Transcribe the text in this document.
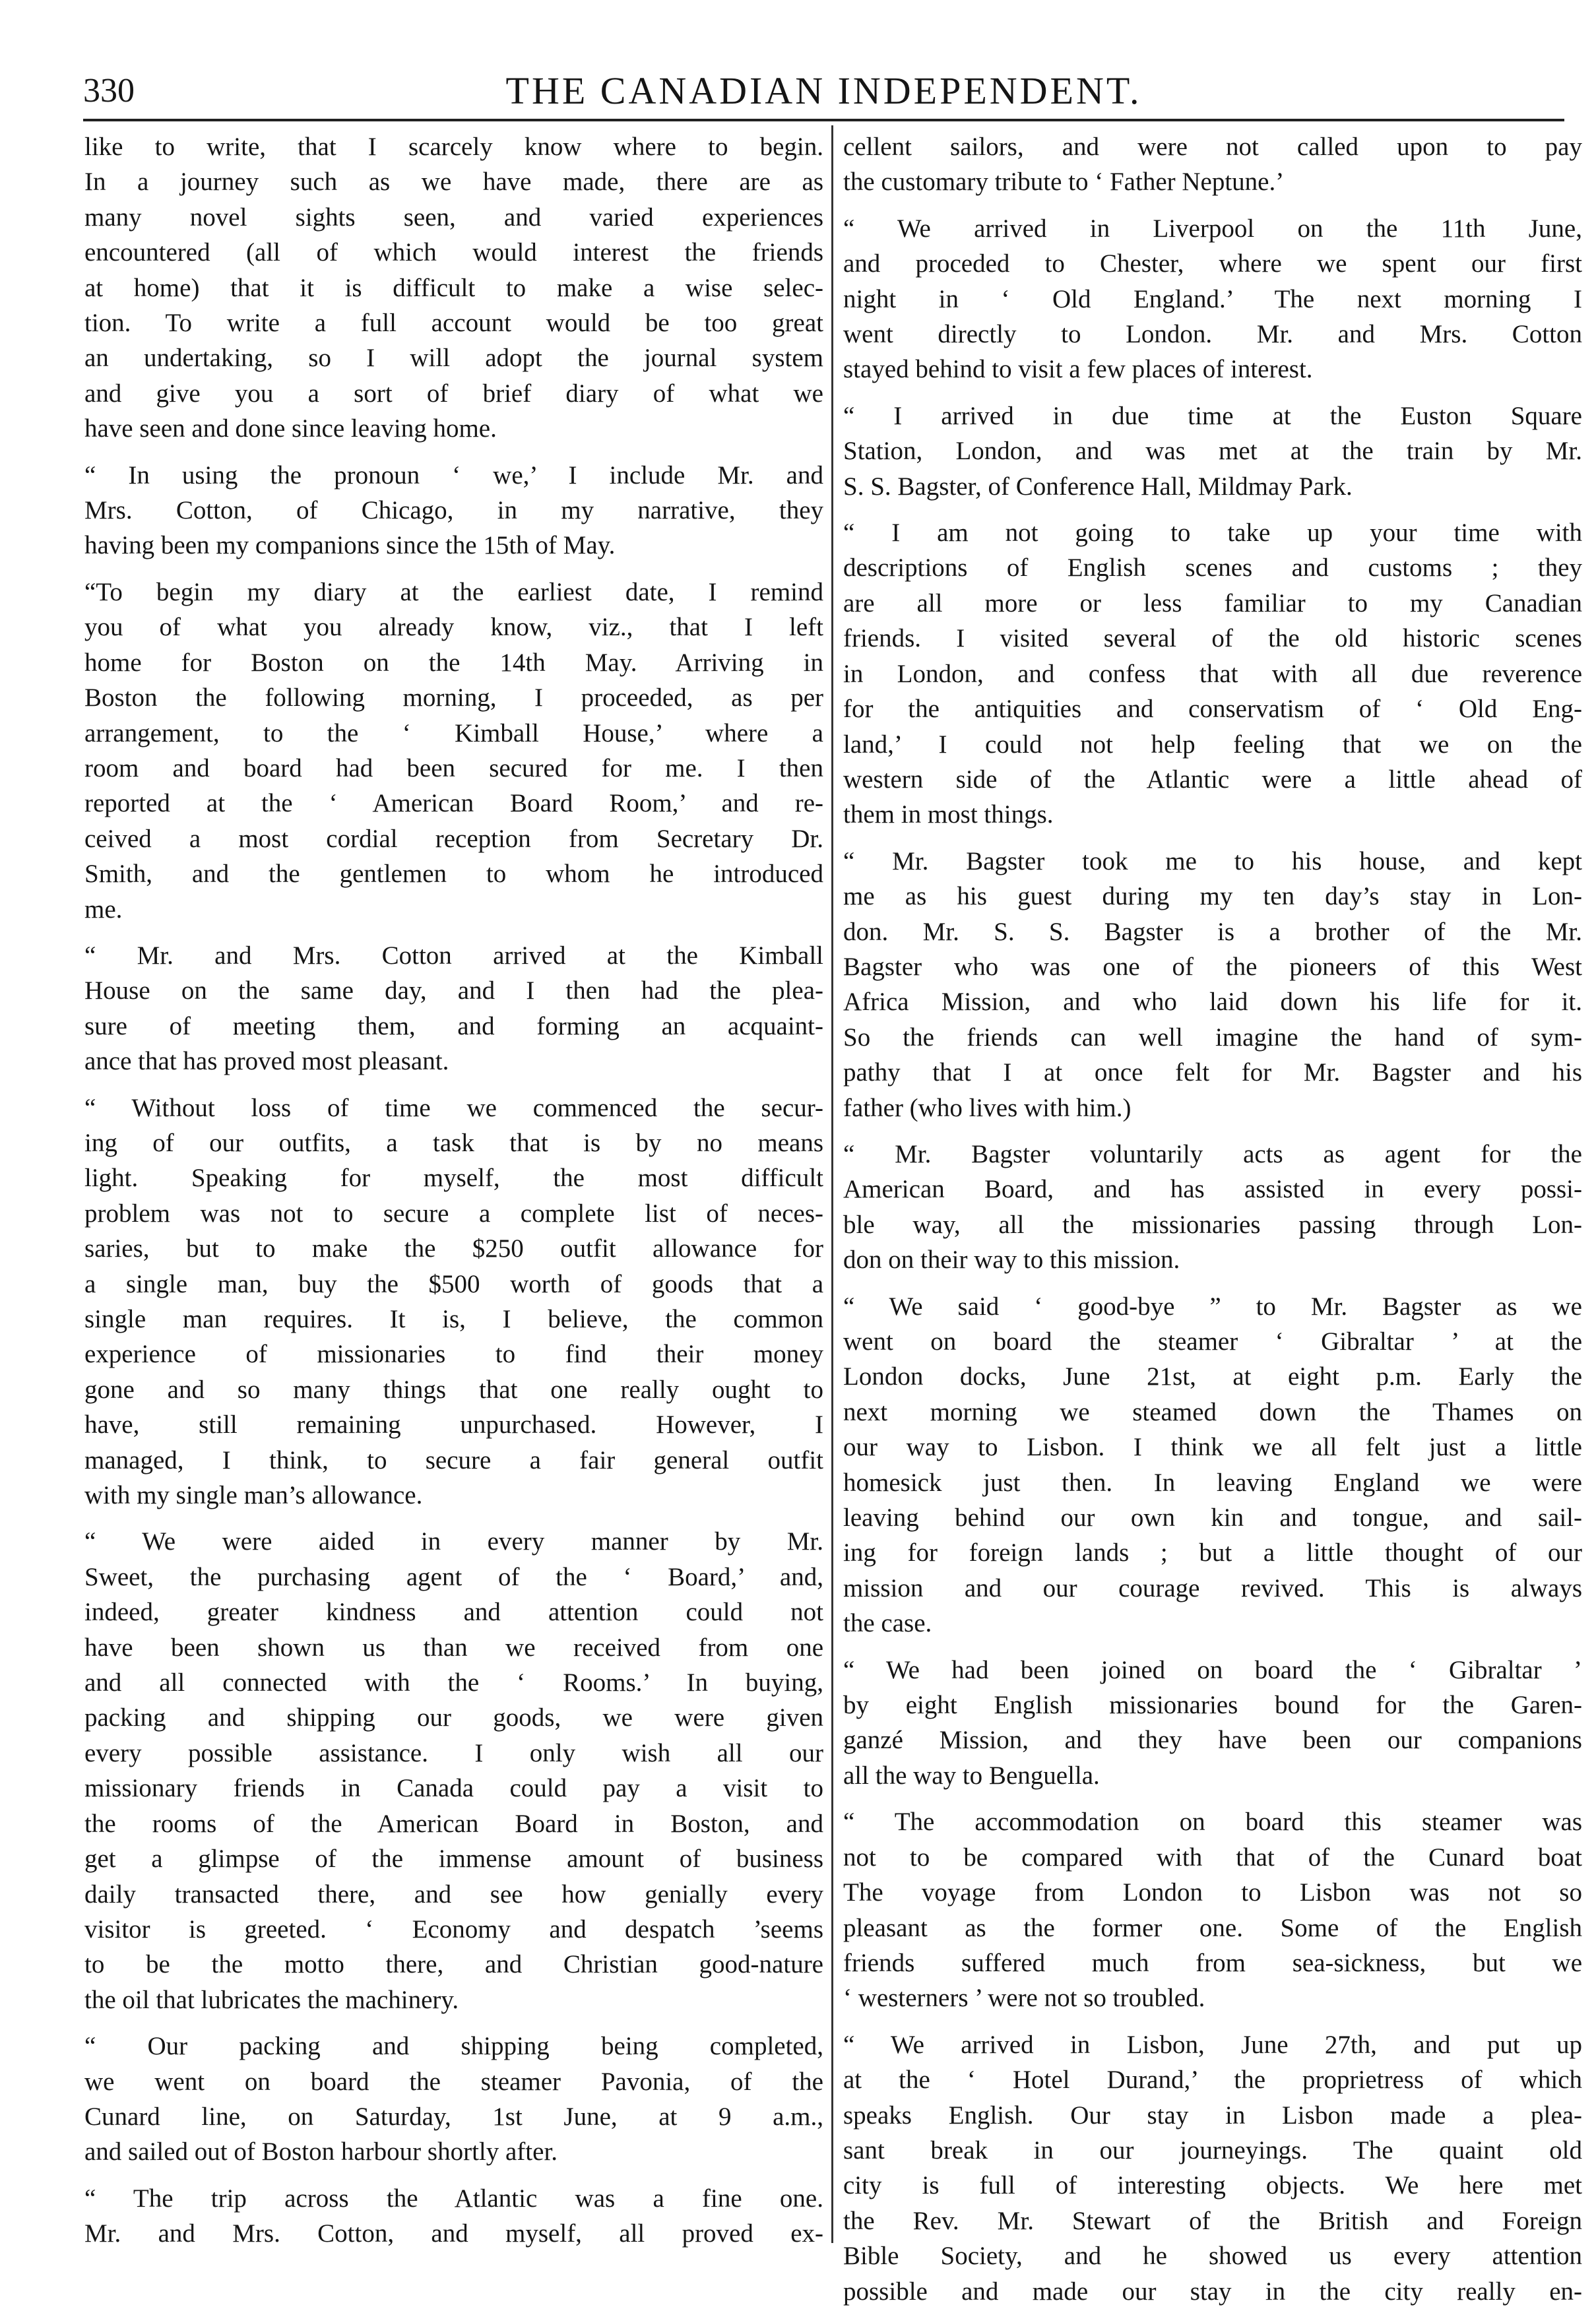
330	THE CANADIAN INDEPENDENT.
like to write, that I scarcely know where to begin.
In a journey such as we have made, there are as
many novel sights seen, and varied experiences
encountered (all of which would interest the friends
at home) that it is difficult to make a wise selec-
tion. To write a full account would be too great
an undertaking, so I will adopt the journal system
and give you a sort of brief diary of what we
have seen and done since leaving home.
“ In using the pronoun ‘ we,’ I include Mr. and
Mrs. Cotton, of Chicago, in my narrative, they
having been my companions since the 15th of May.
“To begin my diary at the earliest date, I remind
you of what you already know, viz., that I left
home for Boston on the 14th May. Arriving in
Boston the following morning, I proceeded, as per
arrangement, to the ‘ Kimball House,’ where a
room and board had been secured for me. I then
reported at the ‘ American Board Room,’ and re-
ceived a most cordial reception from Secretary Dr.
Smith, and the gentlemen to whom he introduced
me.
“ Mr. and Mrs. Cotton arrived at the Kimball
House on the same day, and I then had the plea-
sure of meeting them, and forming an acquaint-
ance that has proved most pleasant.
“ Without loss of time we commenced the secur-
ing of our outfits, a task that is by no means
light. Speaking for myself, the most difficult
problem was not to secure a complete list of neces-
saries, but to make the $250 outfit allowance for
a single man, buy the $500 worth of goods that a
single man requires. It is, I believe, the common
experience of missionaries to find their money
gone and so many things that one really ought to
have, still remaining unpurchased. However, I
managed, I think, to secure a fair general outfit
with my single man’s allowance.
“ We were aided in every manner by Mr.
Sweet, the purchasing agent of the ‘ Board,’ and,
indeed, greater kindness and attention could not
have been shown us than we received from one
and all connected with the ‘ Rooms.’ In buying,
packing and shipping our goods, we were given
every possible assistance. I only wish all our
missionary friends in Canada could pay a visit to
the rooms of the American Board in Boston, and
get a glimpse of the immense amount of business
daily transacted there, and see how genially every
visitor is greeted. ‘ Economy and despatch ’seems
to be the motto there, and Christian good-nature
the oil that lubricates the machinery.
“ Our packing and shipping being completed,
we went on board the steamer Pavonia, of the
Cunard line, on Saturday, 1st June, at 9 a.m.,
and sailed out of Boston harbour shortly after.
“ The trip across the Atlantic was a fine one.
Mr. and Mrs. Cotton, and myself, all proved ex-
cellent sailors, and were not called upon to pay
the customary tribute to ‘ Father Neptune.’
“ We arrived in Liverpool on the 11th June,
and proceded to Chester, where we spent our first
night in ‘ Old England.’ The next morning I
went directly to London. Mr. and Mrs. Cotton
stayed behind to visit a few places of interest.
“ I arrived in due time at the Euston Square
Station, London, and was met at the train by Mr.
S. S. Bagster, of Conference Hall, Mildmay Park.
“ I am not going to take up your time with
descriptions of English scenes and customs ; they
are all more or less familiar to my Canadian
friends. I visited several of the old historic scenes
in London, and confess that with all due reverence
for the antiquities and conservatism of ‘ Old Eng-
land,’ I could not help feeling that we on the
western side of the Atlantic were a little ahead of
them in most things.
“ Mr. Bagster took me to his house, and kept
me as his guest during my ten day’s stay in Lon-
don. Mr. S. S. Bagster is a brother of the Mr.
Bagster who was one of the pioneers of this West
Africa Mission, and who laid down his life for it.
So the friends can well imagine the hand of sym-
pathy that I at once felt for Mr. Bagster and his
father (who lives with him.)
“ Mr. Bagster voluntarily acts as agent for the
American Board, and has assisted in every possi-
ble way, all the missionaries passing through Lon-
don on their way to this mission.
“ We said ‘ good-bye ” to Mr. Bagster as we
went on board the steamer ‘ Gibraltar ’ at the
London docks, June 21st, at eight p.m. Early the
next morning we steamed down the Thames on
our way to Lisbon. I think we all felt just a little
homesick just then. In leaving England we were
leaving behind our own kin and tongue, and sail-
ing for foreign lands ; but a little thought of our
mission and our courage revived. This is always
the case.
“ We had been joined on board the ‘ Gibraltar ’
by eight English missionaries bound for the Garen-
ganzé Mission, and they have been our companions
all the way to Benguella.
“ The accommodation on board this steamer was
not to be compared with that of the Cunard boat
The voyage from London to Lisbon was not so
pleasant as the former one. Some of the English
friends suffered much from sea-sickness, but we
‘ westerners ’ were not so troubled.
“ We arrived in Lisbon, June 27th, and put up
at the ‘ Hotel Durand,’ the proprietress of which
speaks English. Our stay in Lisbon made a plea-
sant break in our journeyings. The quaint old
city is full of interesting objects. We here met
the Rev. Mr. Stewart of the British and Foreign
Bible Society, and he showed us every attention
possible and made our stay in the city really en-
